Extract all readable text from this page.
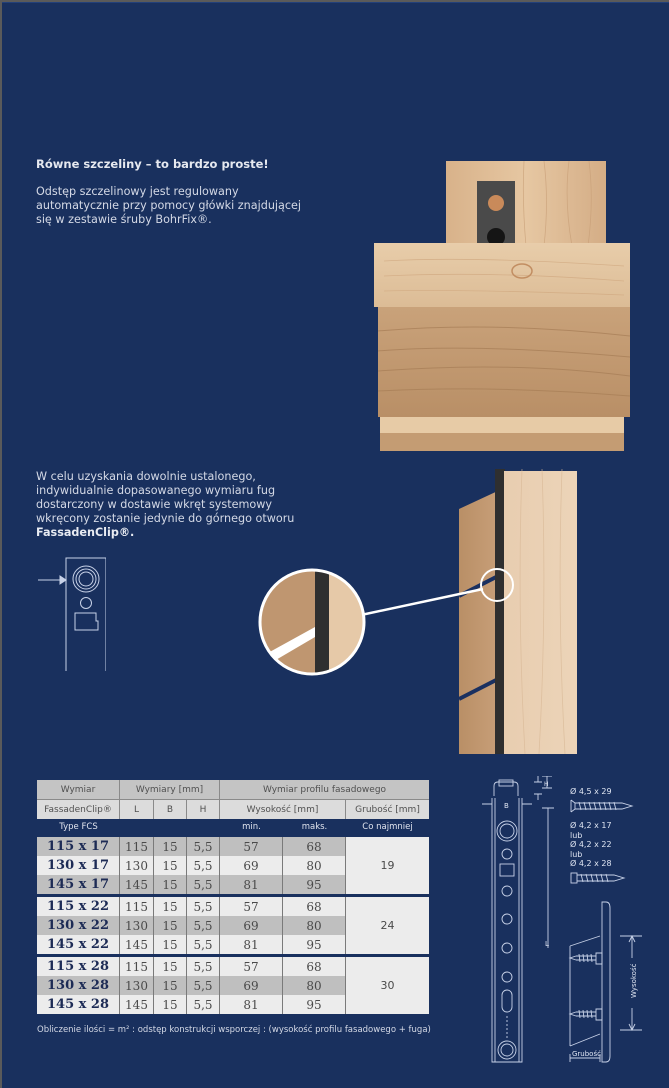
Równe szczeliny – to bardzo proste!
Odstęp szczelinowy jest regulowany
automatycznie przy pomocy główki znajdującej
się w zestawie śruby BohrFix®.
W celu uzyskania dowolnie ustalonego,
indywidualnie dopasowanego wymiaru fug
dostarczony w dostawie wkręt systemowy
wkręcony zostanie jedynie do górnego otworu
FassadenClip®.
Wymiar	Wymiary [mm]			Wymiar profilu fasadowego		
FassadenClip®	L	B	H	Wysokość [mm]		Grubość [mm]
Type FCS				min.	maks.	Co najmniej

115 x 17	115	15	5,5	57	68	19
130 x 17	130	15	5,5	69	80	
145 x 17	145	15	5,5	81	95	

115 x 22	115	15	5,5	57	68	24
130 x 22	130	15	5,5	69	80	
145 x 22	145	15	5,5	81	95	

115 x 28	115	15	5,5	57	68	30
130 x 28	130	15	5,5	69	80	
145 x 28	145	15	5,5	81	95	
Obliczenie ilości = m² : odstęp konstrukcji wsporczej : (wysokość profilu fasadowego + fuga)
B
H
L
Ø 4,5 x 29
Ø 4,2 x 17
lub
Ø 4,2 x 22
lub
Ø 4,2 x 28
Wysokość
Grubość
